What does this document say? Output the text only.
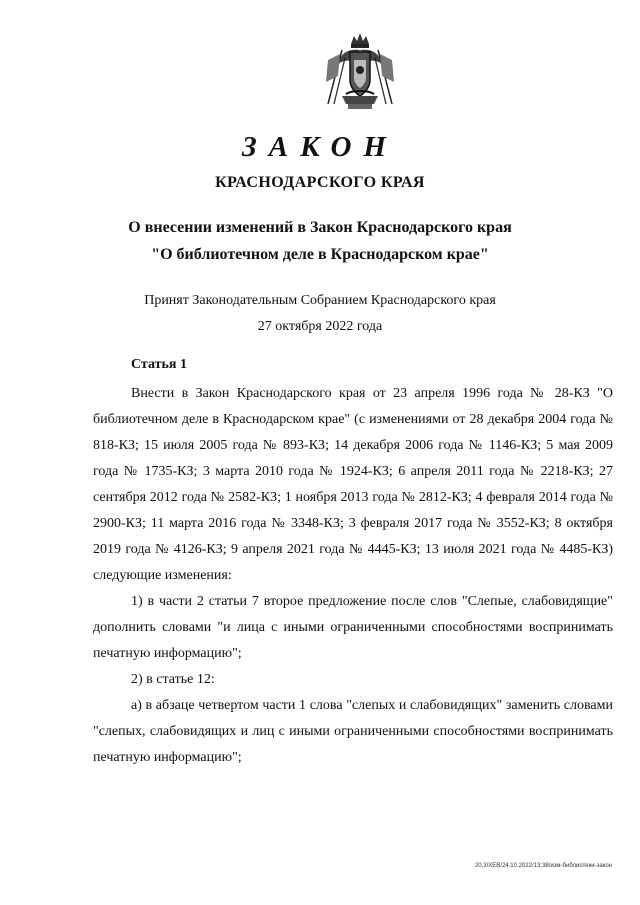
ЗАКОН
КРАСНОДАРСКОГО КРАЯ
О внесении изменений в Закон Краснодарского края
"О библиотечном деле в Краснодарском крае"
Принят Законодательным Собранием Краснодарского края
27 октября 2022 года
Статья 1

Внести в Закон Краснодарского края от 23 апреля 1996 года № 28-КЗ "О библиотечном деле в Краснодарском крае" (с изменениями от 28 декабря 2004 года № 818-КЗ; 15 июля 2005 года № 893-КЗ; 14 декабря 2006 года № 1146-КЗ; 5 мая 2009 года № 1735-КЗ; 3 марта 2010 года № 1924-КЗ; 6 апреля 2011 года № 2218-КЗ; 27 сентября 2012 года № 2582-КЗ; 1 ноября 2013 года № 2812-КЗ; 4 февраля 2014 года № 2900-КЗ; 11 марта 2016 года № 3348-КЗ; 3 февраля 2017 года № 3552-КЗ; 8 октября 2019 года № 4126-КЗ; 9 апреля 2021 года № 4445-КЗ; 13 июля 2021 года № 4485-КЗ) следующие изменения:

1) в части 2 статьи 7 второе предложение после слов "Слепые, слабовидящие" дополнить словами "и лица с иными ограниченными способностями воспринимать печатную информацию";

2) в статье 12:

а) в абзаце четвертом части 1 слова "слепых и слабовидящих" заменить словами "слепых, слабовидящих и лиц с иными ограниченными способностями воспринимать печатную информацию";

20.3/ХЕВ/24.10.2022/13:38/изм-библиотеки-закон
